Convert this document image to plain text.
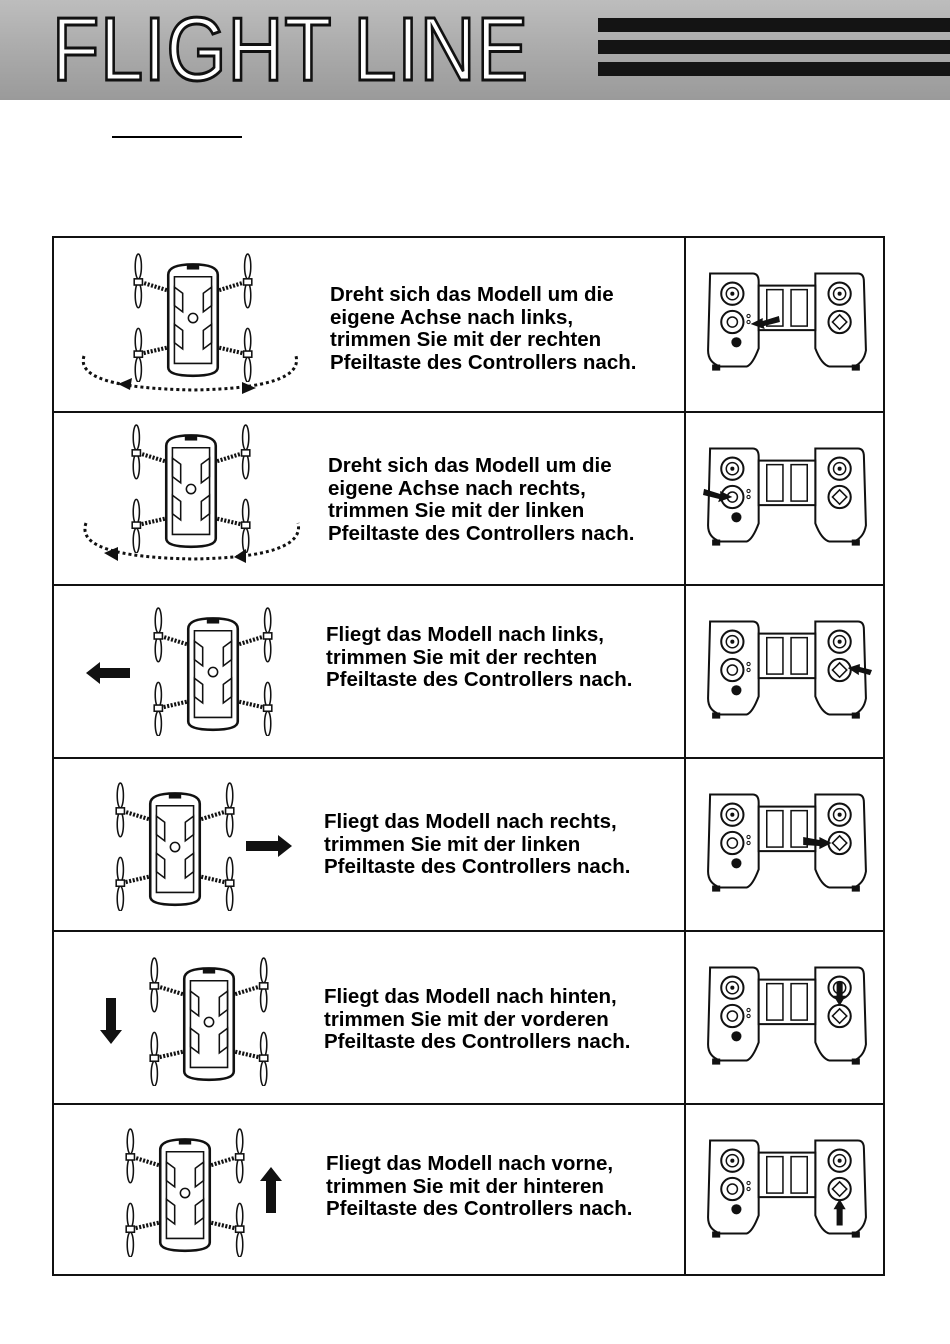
FLIGHT LINE

Dreht sich das Modell um die
eigene Achse nach links,
trimmen Sie mit der rechten
Pfeiltaste des Controllers nach.

Dreht sich das Modell um die
eigene Achse nach rechts,
trimmen Sie mit der linken
Pfeiltaste des Controllers nach.

Fliegt das Modell nach links,
trimmen Sie mit der rechten
Pfeiltaste des Controllers nach.

Fliegt das Modell nach rechts,
trimmen Sie mit der linken
Pfeiltaste des Controllers nach.

Fliegt das Modell nach hinten,
trimmen Sie mit der vorderen
Pfeiltaste des Controllers nach.

Fliegt das Modell nach vorne,
trimmen Sie mit der hinteren
Pfeiltaste des Controllers nach.
